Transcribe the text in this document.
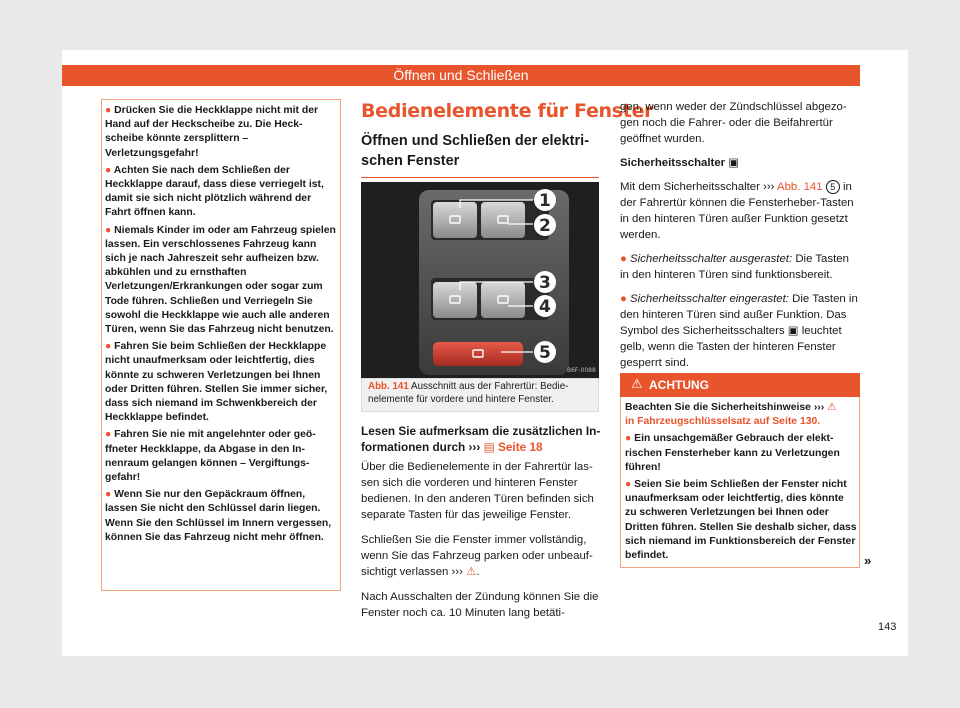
Öffnen und Schließen

● Drücken Sie die Heckklappe nicht mit der Hand auf der Heckscheibe zu. Die Heckscheibe könnte zersplittern – Verletzungsgefahr!

● Achten Sie nach dem Schließen der Heckklappe darauf, dass diese verriegelt ist, damit sie sich nicht plötzlich während der Fahrt öffnen kann.

● Niemals Kinder im oder am Fahrzeug spielen lassen. Ein verschlossenes Fahrzeug kann sich je nach Jahreszeit sehr aufheizen bzw. abkühlen und zu ernsthaften Verletzungen/Erkrankungen oder sogar zum Tode führen. Schließen und Verriegeln Sie sowohl die Heckklappe wie auch alle anderen Türen, wenn Sie das Fahrzeug nicht benutzen.

● Fahren Sie beim Schließen der Heckklappe nicht unaufmerksam oder leichtfertig, dies könnte zu schweren Verletzungen bei Ihnen oder Dritten führen. Stellen Sie immer sicher, dass sich niemand im Schwenkbereich der Heckklappe befindet.

● Fahren Sie nie mit angelehnter oder geöffneter Heckklappe, da Abgase in den Innenraum gelangen können – Vergiftungsgefahr!

● Wenn Sie nur den Gepäckraum öffnen, lassen Sie nicht den Schlüssel darin liegen. Wenn Sie den Schlüssel im Innern vergessen, können Sie das Fahrzeug nicht mehr öffnen.

Bedienelemente für Fenster
Öffnen und Schließen der elektrischen Fenster
1
2
3
4
5
B6F-0088
Abb. 141 Ausschnitt aus der Fahrertür: Bedienelemente für vordere und hintere Fenster.
Lesen Sie aufmerksam die zusätzlichen Informationen durch ››› ▤ Seite 18

Über die Bedienelemente in der Fahrertür lassen sich die vorderen und hinteren Fenster bedienen. In den anderen Türen befinden sich separate Tasten für das jeweilige Fenster.

Schließen Sie die Fenster immer vollständig, wenn Sie das Fahrzeug parken oder unbeaufsichtigt verlassen ››› ⚠.

Nach Ausschalten der Zündung können Sie die Fenster noch ca. 10 Minuten lang betäti-

gen, wenn weder der Zündschlüssel abgezogen noch die Fahrer- oder die Beifahrertür geöffnet wurden.

Sicherheitsschalter ▣

Mit dem Sicherheitsschalter ››› Abb. 141 5 in der Fahrertür können die Fensterheber-Tasten in den hinteren Türen außer Funktion gesetzt werden.

● Sicherheitsschalter ausgerastet: Die Tasten in den hinteren Türen sind funktionsbereit.

● Sicherheitsschalter eingerastet: Die Tasten in den hinteren Türen sind außer Funktion. Das Symbol des Sicherheitsschalters ▣ leuchtet gelb, wenn die Tasten der hinteren Fenster gesperrt sind.

⚠ ACHTUNG

Beachten Sie die Sicherheitshinweise ››› ⚠
in Fahrzeugschlüsselsatz auf Seite 130.

● Ein unsachgemäßer Gebrauch der elektrischen Fensterheber kann zu Verletzungen führen!

● Seien Sie beim Schließen der Fenster nicht unaufmerksam oder leichtfertig, dies könnte zu schweren Verletzungen bei Ihnen oder Dritten führen. Stellen Sie deshalb sicher, dass sich niemand im Funktionsbereich der Fenster befindet.	»
143
